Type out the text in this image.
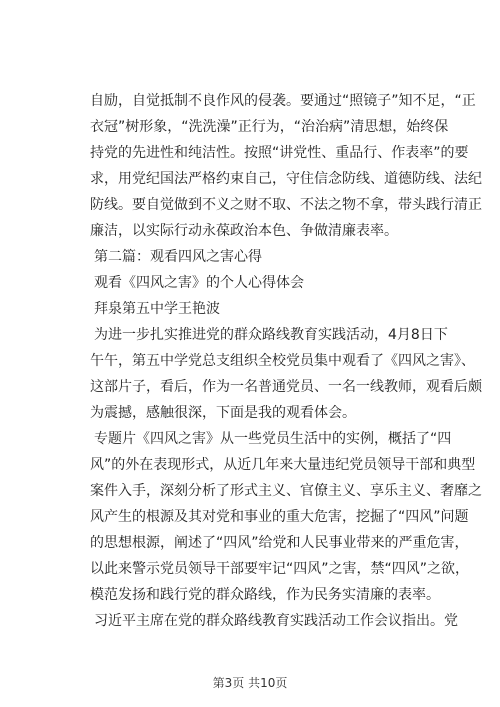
自励，自觉抵制不良作风的侵袭。要通过“照镜子”知不足，“正
衣冠”树形象，“洗洗澡”正行为，“治治病”清思想，始终保
持党的先进性和纯洁性。按照“讲党性、重品行、作表率”的要
求，用党纪国法严格约束自己，守住信念防线、道德防线、法纪
防线。要自觉做到不义之财不取、不法之物不拿，带头践行清正
廉洁，以实际行动永葆政治本色、争做清廉表率。
第二篇：观看四风之害心得
观看《四风之害》的个人心得体会
拜泉第五中学王艳波
为进一步扎实推进党的群众路线教育实践活动，4月8日下
午午，第五中学党总支组织全校党员集中观看了《四风之害》、
这部片子，看后，作为一名普通党员、一名一线教师，观看后颇
为震撼，感触很深，下面是我的观看体会。
专题片《四风之害》从一些党员生活中的实例，概括了“四
风”的外在表现形式，从近几年来大量违纪党员领导干部和典型
案件入手，深刻分析了形式主义、官僚主义、享乐主义、奢靡之
风产生的根源及其对党和事业的重大危害，挖掘了“四风”问题
的思想根源，阐述了“四风”给党和人民事业带来的严重危害，
以此来警示党员领导干部要牢记“四风”之害，禁“四风”之欲，
模范发扬和践行党的群众路线，作为民务实清廉的表率。
习近平主席在党的群众路线教育实践活动工作会议指出。党
第3页 共10页
